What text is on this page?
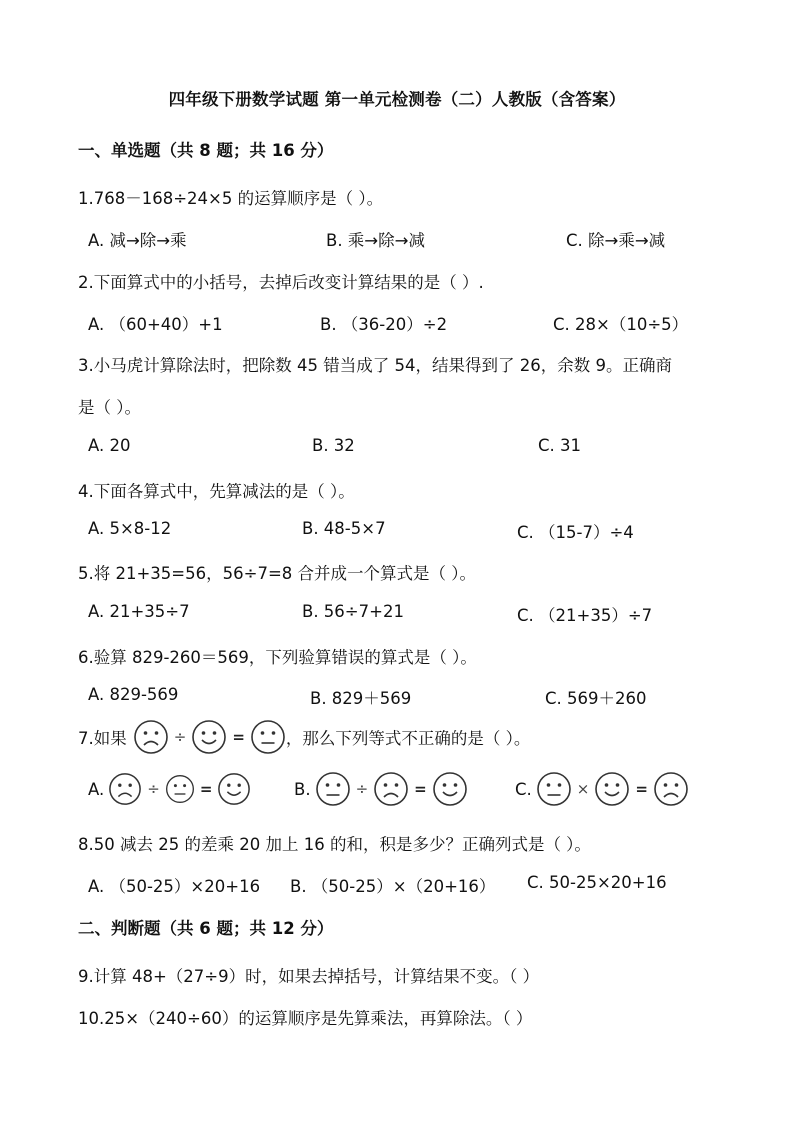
四年级下册数学试题 第一单元检测卷（二）人教版（含答案）
一、单选题（共 8 题；共 16 分）
1.768－168÷24×5 的运算顺序是（ ）。
A. 减→除→乘	B. 乘→除→减	C. 除→乘→减
2.下面算式中的小括号，去掉后改变计算结果的是（ ）.
A. （60+40）+1	B. （36-20）÷2	C. 28×（10÷5）
3.小马虎计算除法时，把除数 45 错当成了 54，结果得到了 26，余数 9。正确商
是（ ）。
A. 20	B. 32	C. 31
4.下面各算式中，先算减法的是（ ）。
A. 5×8-12	B. 48-5×7	C. （15-7）÷4
5.将 21+35=56，56÷7=8 合并成一个算式是（ ）。
A. 21+35÷7	B. 56÷7+21	C. （21+35）÷7
6.验算 829-260＝569，下列验算错误的算式是（ ）。
A. 829-569	B. 829＋569	C. 569＋260
7.如果	÷	= ，那么下列等式不正确的是（ ）。
A.	÷	=	B.	÷	=	C.	×	=
8.50 减去 25 的差乘 20 加上 16 的和，积是多少？正确列式是（ ）。
A. （50-25）×20+16 B. （50-25）×（20+16） C. 50-25×20+16
二、判断题（共 6 题；共 12 分）
9.计算 48+（27÷9）时，如果去掉括号，计算结果不变。（ ）
10.25×（240÷60）的运算顺序是先算乘法，再算除法。（ ）
